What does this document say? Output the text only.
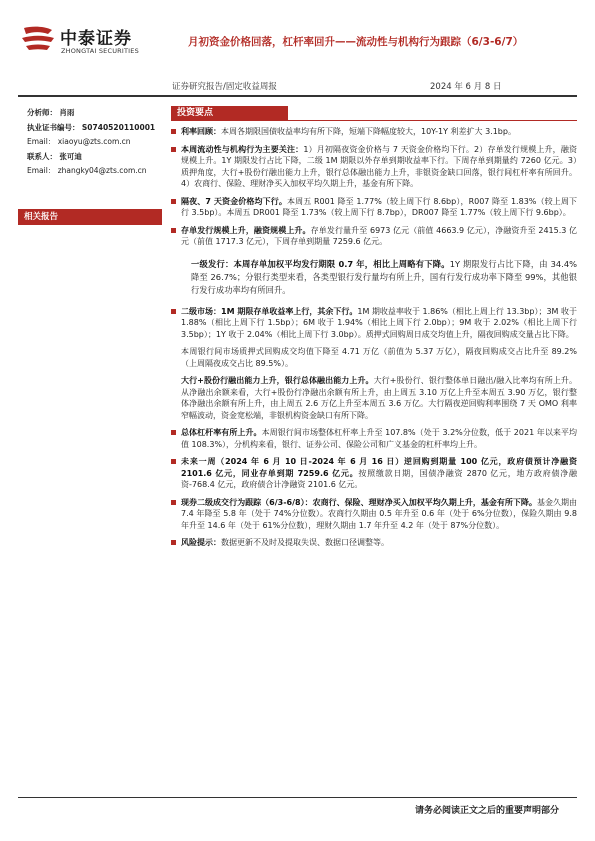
中泰证券
ZHONGTAI SECURITIES
月初资金价格回落，杠杆率回升——流动性与机构行为跟踪（6/3-6/7）
证券研究报告/固定收益周报	2024 年 6 月 8 日
分析师： 肖雨
执业证书编号： S0740520110001
Email： xiaoyu@zts.com.cn
联系人： 张可迪
Email： zhangky04@zts.com.cn
相关报告
投资要点
利率回顾：本周各期限国债收益率均有所下降，短端下降幅度较大，10Y-1Y 利差扩大 3.1bp。
本周流动性与机构行为主要关注：1）月初隔夜资金价格与 7 天资金价格均下行。2）存单发行规模上升，融资规模上升。1Y 期限发行占比下降，二级 1M 期限以外存单到期收益率下行。下周存单到期量约 7260 亿元。3）质押角度，大行+股份行融出能力上升，银行总体融出能力上升，非银资金缺口回落，银行间杠杆率有所回升。4）农商行、保险、理财净买入加权平均久期上升，基金有所下降。
隔夜、7 天资金价格均下行。本周五 R001 降至 1.77%（较上周下行 8.6bp），R007 降至 1.83%（较上周下行 3.5bp）。本周五 DR001 降至 1.73%（较上周下行 8.7bp），DR007 降至 1.77%（较上周下行 9.6bp）。
存单发行规模上升，融资规模上升。存单发行量升至 6973 亿元（前值 4663.9 亿元），净融资升至 2415.3 亿元（前值 1717.3 亿元），下周存单到期量 7259.6 亿元。
一级发行：本周存单加权平均发行期限 0.7 年，相比上周略有下降。1Y 期限发行占比下降，由 34.4%降至 26.7%；分银行类型来看，各类型银行发行量均有所上升，国有行发行成功率下降至 99%，其他银行发行成功率均有所回升。
二级市场：1M 期限存单收益率上行，其余下行。1M 期收益率收于 1.86%（相比上周上行 13.3bp）；3M 收于 1.88%（相比上周下行 1.5bp）；6M 收于 1.94%（相比上周下行 2.0bp）；9M 收于 2.02%（相比上周下行 3.5bp）；1Y 收于 2.04%（相比上周下行 3.0bp）。质押式回购周日成交均值上升，隔夜回购成交量占比下降。
本周银行间市场质押式回购成交均值下降至 4.71 万亿（前值为 5.37 万亿），隔夜回购成交占比升至 89.2%（上周隔夜成交占比 89.5%）。
大行+股份行融出能力上升，银行总体融出能力上升。大行+股份行、银行整体单日融出/融入比率均有所上升。从净融出余额来看，大行+股份行净融出余额有所上升，由上周五 3.10 万亿上升至本周五 3.90 万亿，银行整体净融出余额有所上升，由上周五 2.6 万亿上升至本周五 3.6 万亿。大行隔夜逆回购利率围绕 7 天 OMO 利率窄幅波动，资金宽松端，非银机构资金缺口有所下降。
总体杠杆率有所上升。本周银行间市场整体杠杆率上升至 107.8%（处于 3.2%分位数，低于 2021 年以来平均值 108.3%），分机构来看，银行、证券公司、保险公司和广义基金的杠杆率均上升。
未来一周（2024 年 6 月 10 日-2024 年 6 月 16 日）逆回购到期量 100 亿元，政府债预计净融资 2101.6 亿元，同业存单到期 7259.6 亿元。按照缴款日期，国债净融资 2870 亿元，地方政府债净融资-768.4 亿元，政府债合计净融资 2101.6 亿元。
现券二级成交行为跟踪（6/3-6/8）：农商行、保险、理财净买入加权平均久期上升，基金有所下降。基金久期由 7.4 年降至 5.8 年（处于 74%分位数）。农商行久期由 0.5 年升至 0.6 年（处于 6%分位数），保险久期由 9.8 年升至 14.6 年（处于 61%分位数），理财久期由 1.7 年升至 4.2 年（处于 87%分位数）。
风险提示：数据更新不及时及提取失误、数据口径调整等。
请务必阅读正文之后的重要声明部分
